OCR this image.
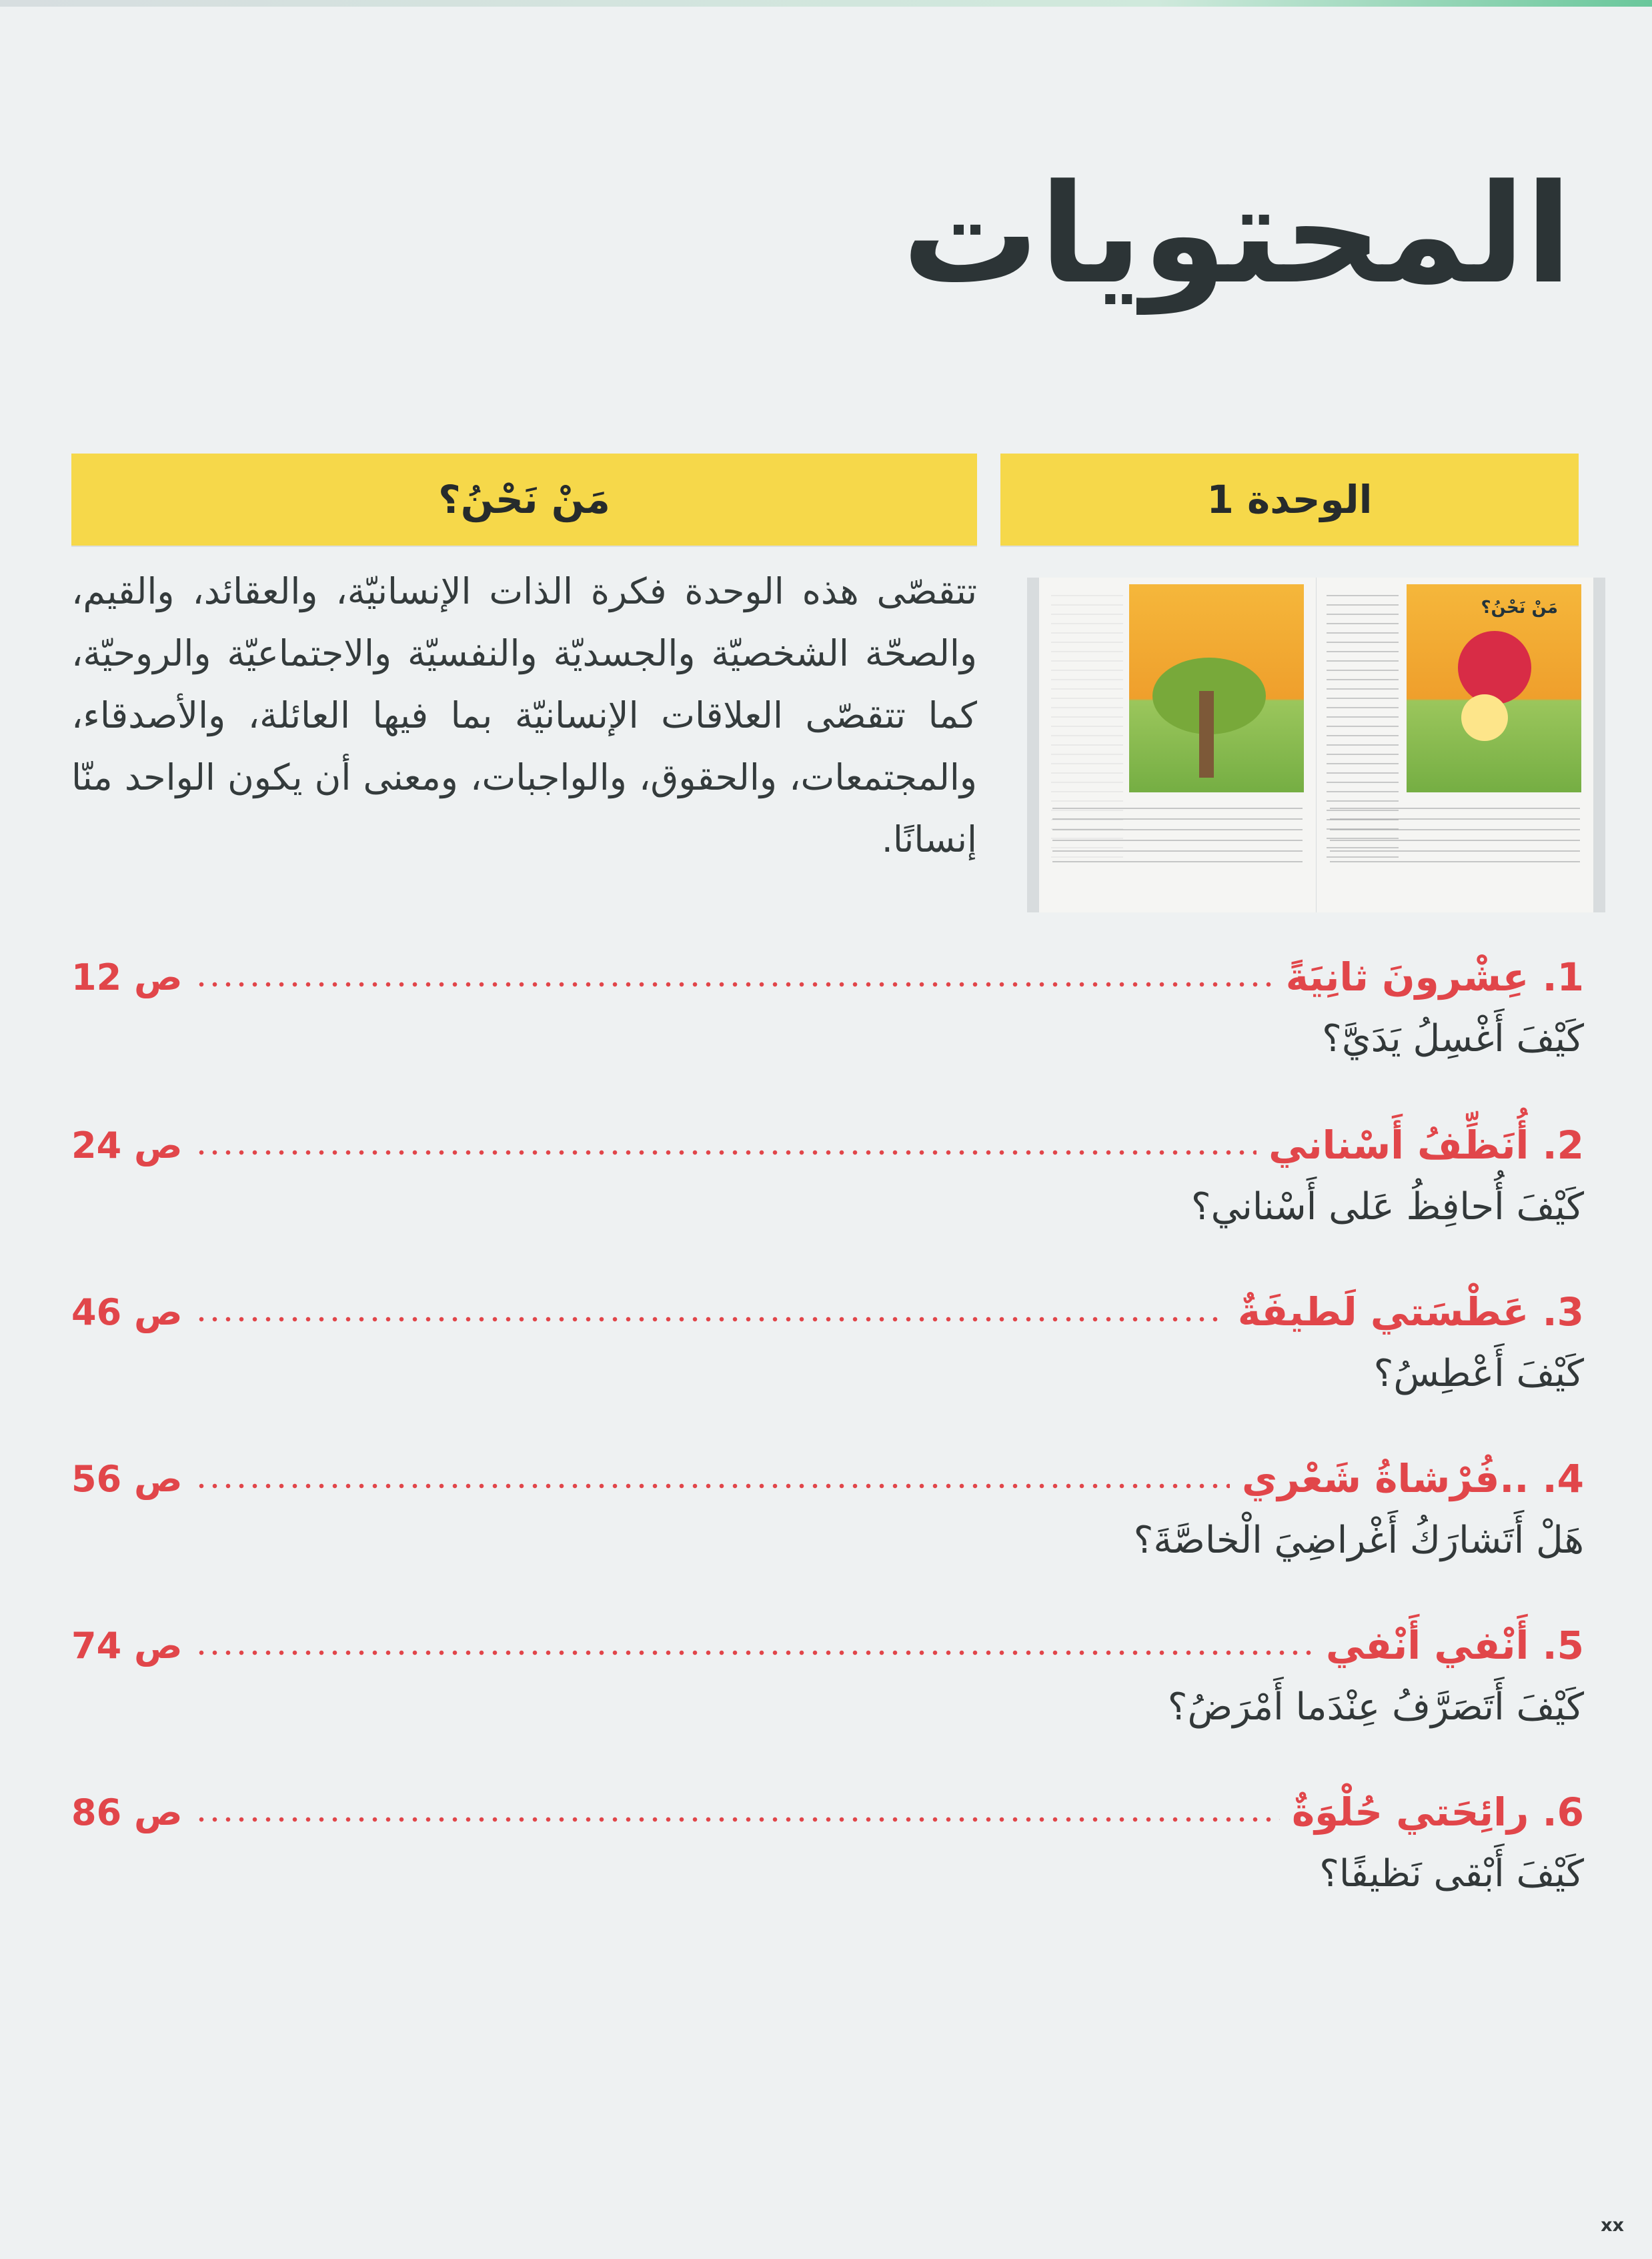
المحتويات
مَنْ نَحْنُ؟	الوحدة 1

تتقصّى هذه الوحدة فكرة الذات الإنسانيّة، والعقائد، والقيم، والصحّة الشخصيّة والجسديّة والنفسيّة والاجتماعيّة والروحيّة، كما تتقصّى العلاقات الإنسانيّة بما فيها العائلة، والأصدقاء، والمجتمعات، والحقوق، والواجبات، ومعنى أن يكون الواحد منّا إنسانًا.

مَنْ نَحْنُ؟
1. عِشْرونَ ثانِيَةً
ص 12

كَيْفَ أَغْسِلُ يَدَيَّ؟

2. أُنَظِّفُ أَسْناني
ص 24

كَيْفَ أُحافِظُ عَلى أَسْناني؟

3. عَطْسَتي لَطيفَةٌ
ص 46

كَيْفَ أَعْطِسُ؟

4. ..فُرْشاةُ شَعْري
ص 56

هَلْ أَتَشارَكُ أَغْراضِيَ الْخاصَّةَ؟

5. أَنْفي أَنْفي
ص 74

كَيْفَ أَتَصَرَّفُ عِنْدَما أَمْرَضُ؟

6. رائِحَتي حُلْوَةٌ
ص 86

كَيْفَ أَبْقى نَظيفًا؟

xx
